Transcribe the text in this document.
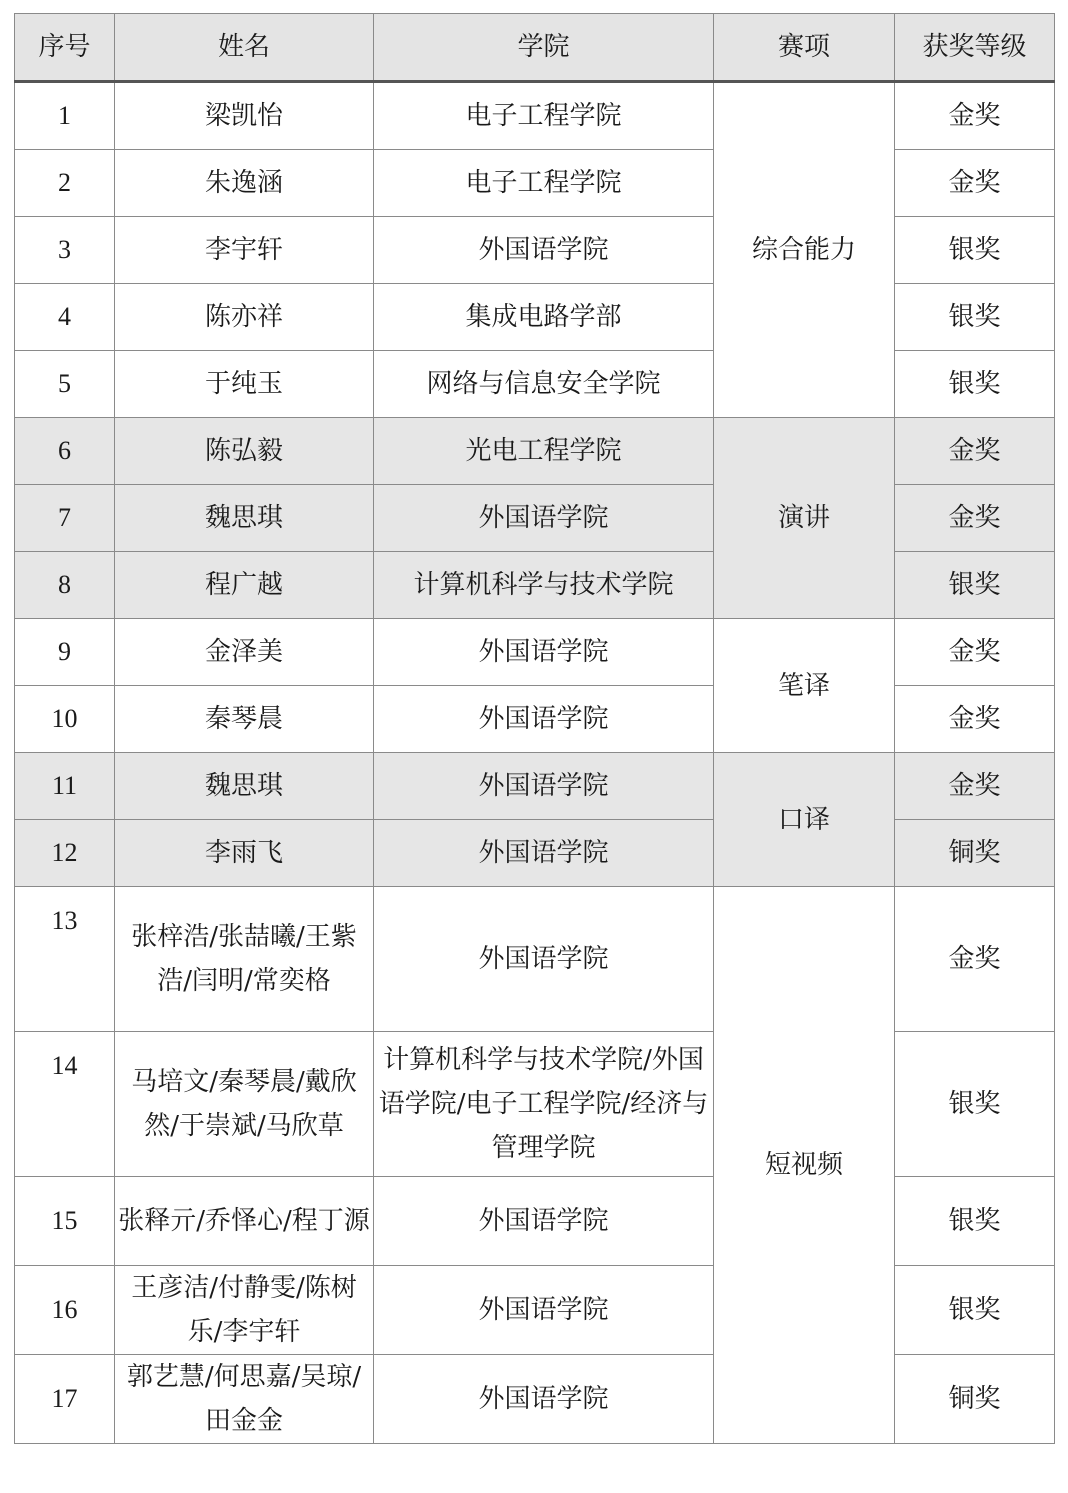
序号	姓名	学院	赛项	获奖等级
1	梁凯怡	电子工程学院	综合能力	金奖
2	朱逸涵	电子工程学院		金奖
3	李宇轩	外国语学院		银奖
4	陈亦祥	集成电路学部		银奖
5	于纯玉	网络与信息安全学院		银奖
6	陈弘毅	光电工程学院	演讲	金奖
7	魏思琪	外国语学院		金奖
8	程广越	计算机科学与技术学院		银奖
9	金泽美	外国语学院	笔译	金奖
10	秦琴晨	外国语学院		金奖
11	魏思琪	外国语学院	口译	金奖
12	李雨飞	外国语学院		铜奖
13	张梓浩/张喆曦/王紫浩/闫明/常奕格	外国语学院	短视频	金奖
14	马培文/秦琴晨/戴欣然/于崇斌/马欣草	计算机科学与技术学院/外国语学院/电子工程学院/经济与管理学院		银奖
15	张释亓/乔怿心/程丁源	外国语学院		银奖
16	王彦洁/付静雯/陈树乐/李宇轩	外国语学院		银奖
17	郭艺慧/何思嘉/吴琼/田金金	外国语学院		铜奖
